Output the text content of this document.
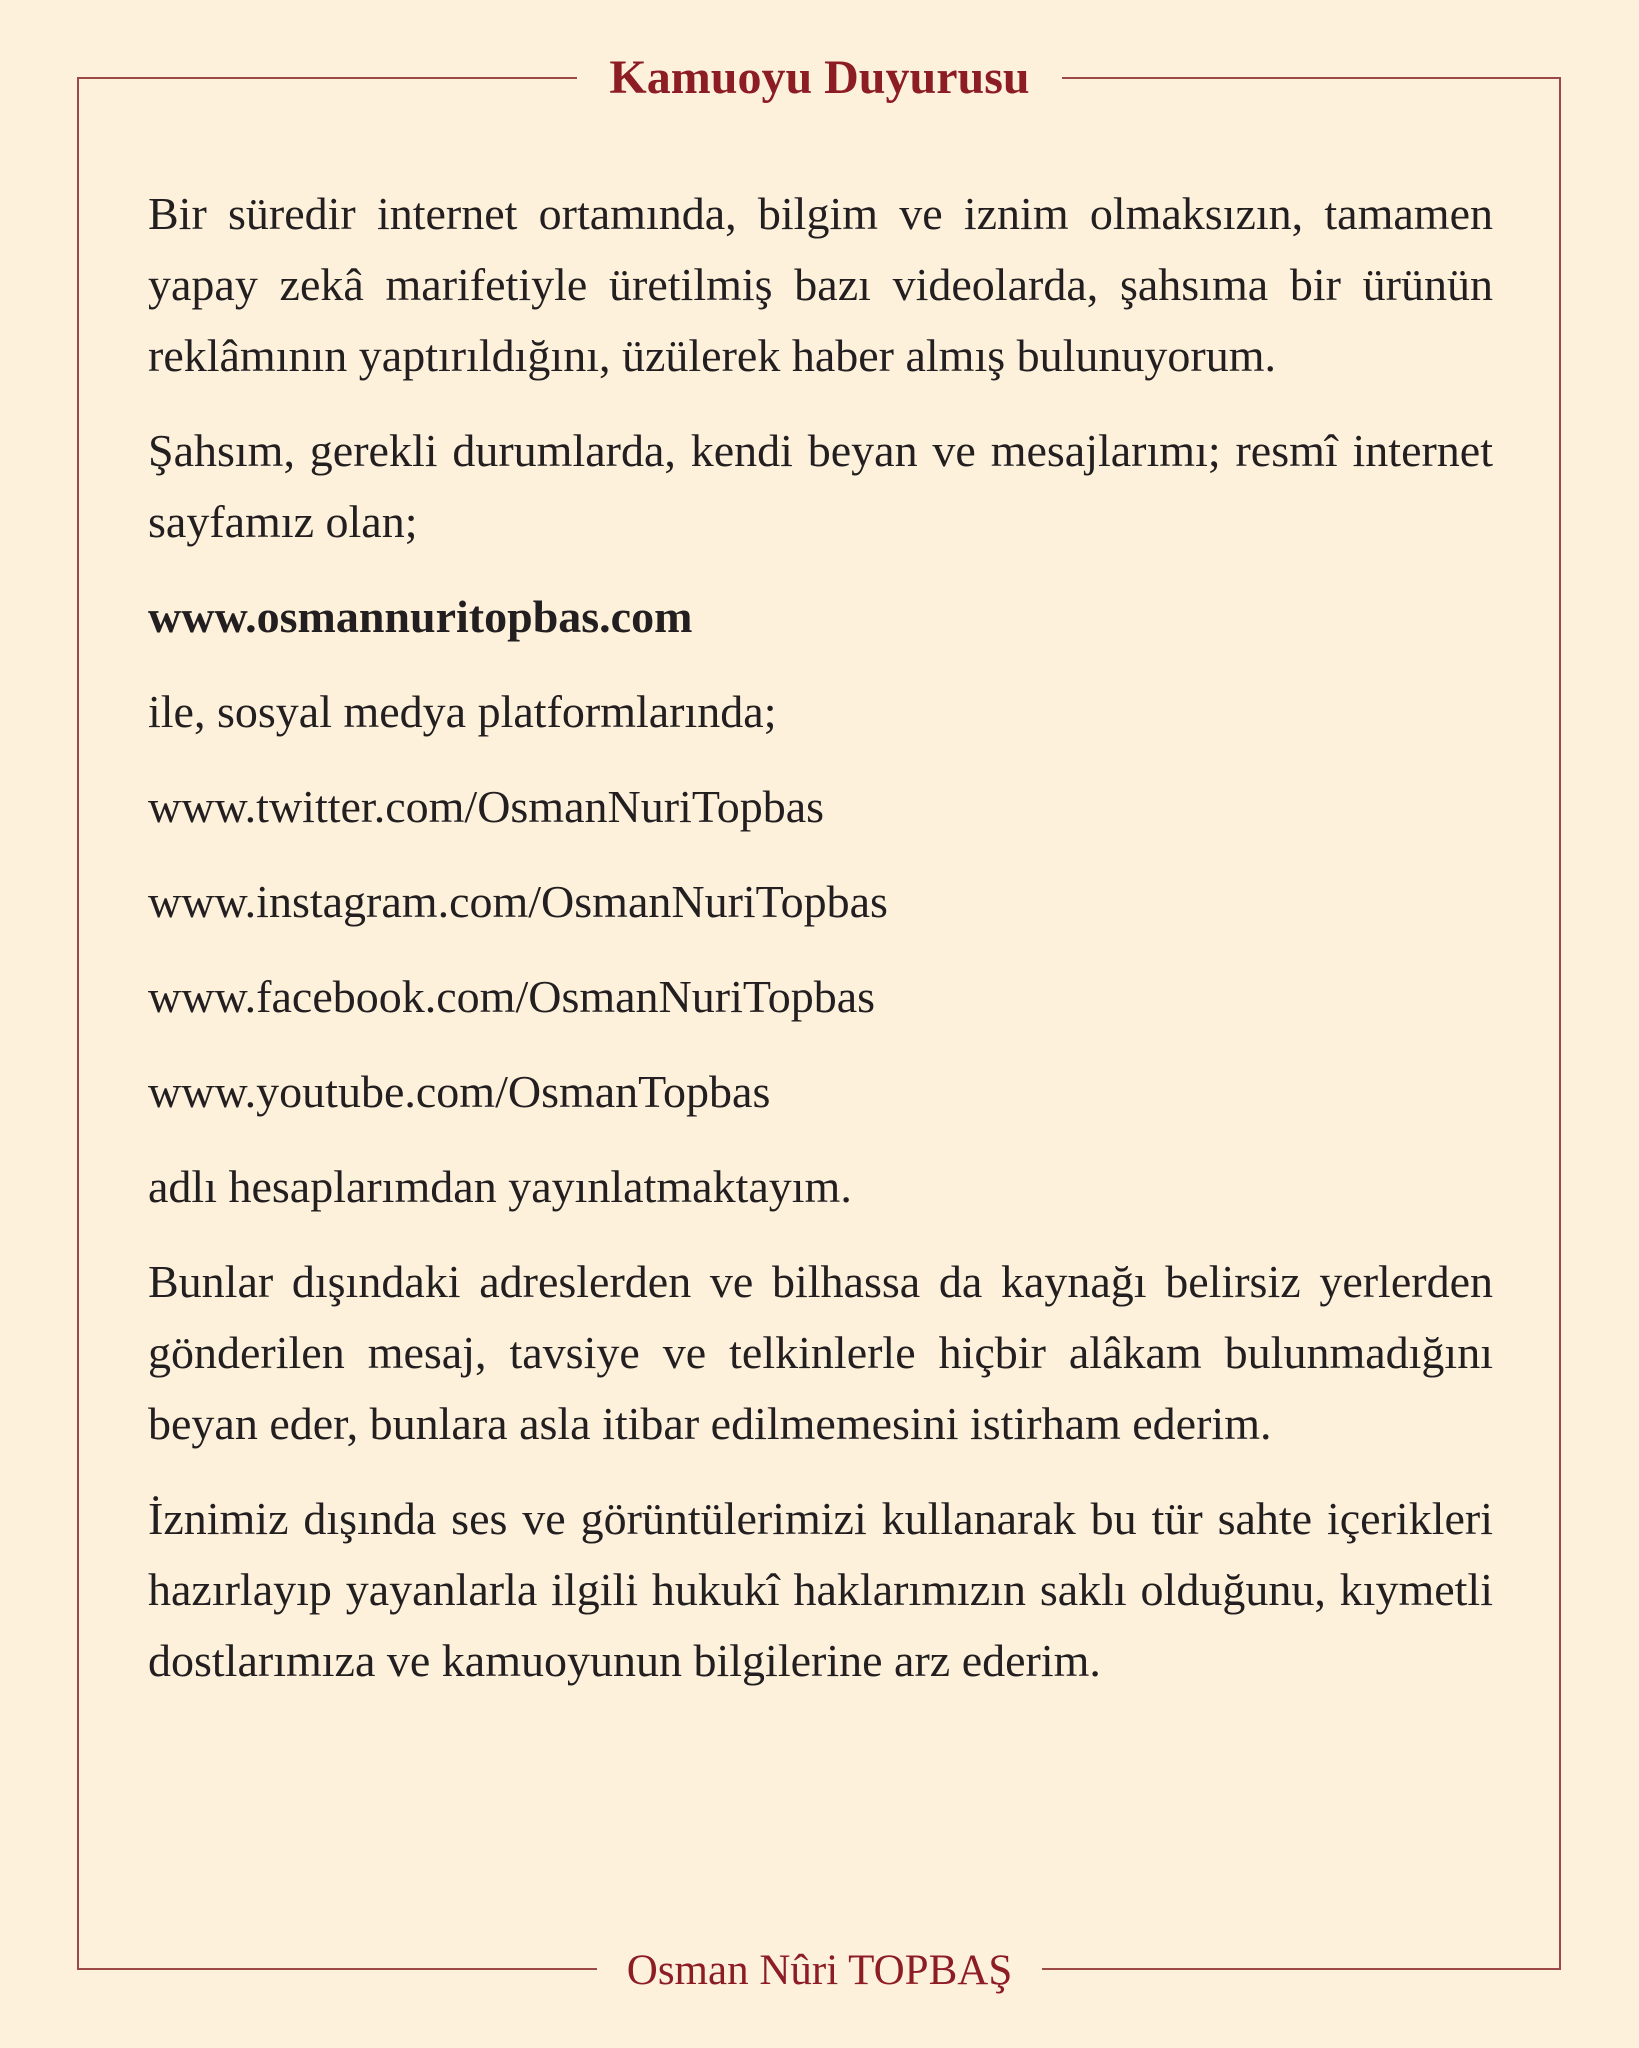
Kamuoyu Duyurusu

Bir süredir internet ortamında, bilgim ve iznim olmaksızın, tamamen yapay zekâ marifetiyle üretilmiş bazı videolarda, şahsıma bir ürünün reklâmının yaptırıldığını, üzülerek haber almış bulunuyorum.

Şahsım, gerekli durumlarda, kendi beyan ve mesajlarımı; resmî internet sayfamız olan;

www.osmannuritopbas.com
ile, sosyal medya platformlarında;
www.twitter.com/OsmanNuriTopbas
www.instagram.com/OsmanNuriTopbas
www.facebook.com/OsmanNuriTopbas
www.youtube.com/OsmanTopbas
adlı hesaplarımdan yayınlatmaktayım.

Bunlar dışındaki adreslerden ve bilhassa da kaynağı belirsiz yerlerden gönderilen mesaj, tavsiye ve telkinlerle hiçbir alâkam bulunmadığını beyan eder, bunlara asla itibar edilmemesini istirham ederim.

İznimiz dışında ses ve görüntülerimizi kullanarak bu tür sahte içerikleri hazırlayıp yayanlarla ilgili hukukî haklarımızın saklı olduğunu, kıymetli dostlarımıza ve kamuoyunun bilgilerine arz ederim.

Osman Nûri TOPBAŞ
